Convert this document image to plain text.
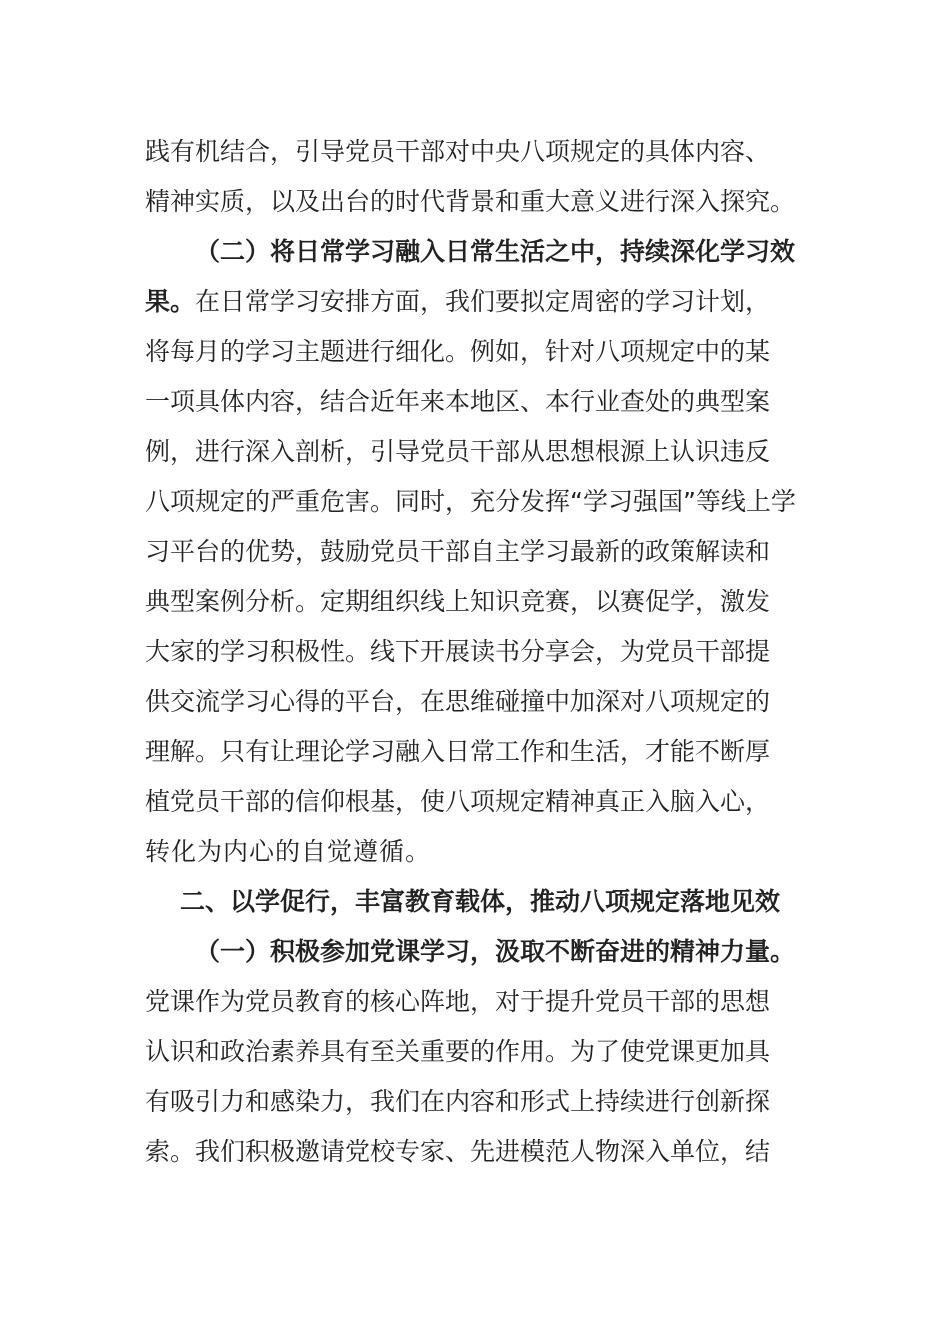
践有机结合，引导党员干部对中央八项规定的具体内容、
精神实质，以及出台的时代背景和重大意义进行深入探究。
（二）将日常学习融入日常生活之中，持续深化学习效
果。在日常学习安排方面，我们要拟定周密的学习计划，
将每月的学习主题进行细化。例如，针对八项规定中的某
一项具体内容，结合近年来本地区、本行业查处的典型案
例，进行深入剖析，引导党员干部从思想根源上认识违反
八项规定的严重危害。同时，充分发挥“学习强国”等线上学
习平台的优势，鼓励党员干部自主学习最新的政策解读和
典型案例分析。定期组织线上知识竞赛，以赛促学，激发
大家的学习积极性。线下开展读书分享会，为党员干部提
供交流学习心得的平台，在思维碰撞中加深对八项规定的
理解。只有让理论学习融入日常工作和生活，才能不断厚
植党员干部的信仰根基，使八项规定精神真正入脑入心，
转化为内心的自觉遵循。
二、以学促行，丰富教育载体，推动八项规定落地见效
（一）积极参加党课学习，汲取不断奋进的精神力量。
党课作为党员教育的核心阵地，对于提升党员干部的思想
认识和政治素养具有至关重要的作用。为了使党课更加具
有吸引力和感染力，我们在内容和形式上持续进行创新探
索。我们积极邀请党校专家、先进模范人物深入单位，结
